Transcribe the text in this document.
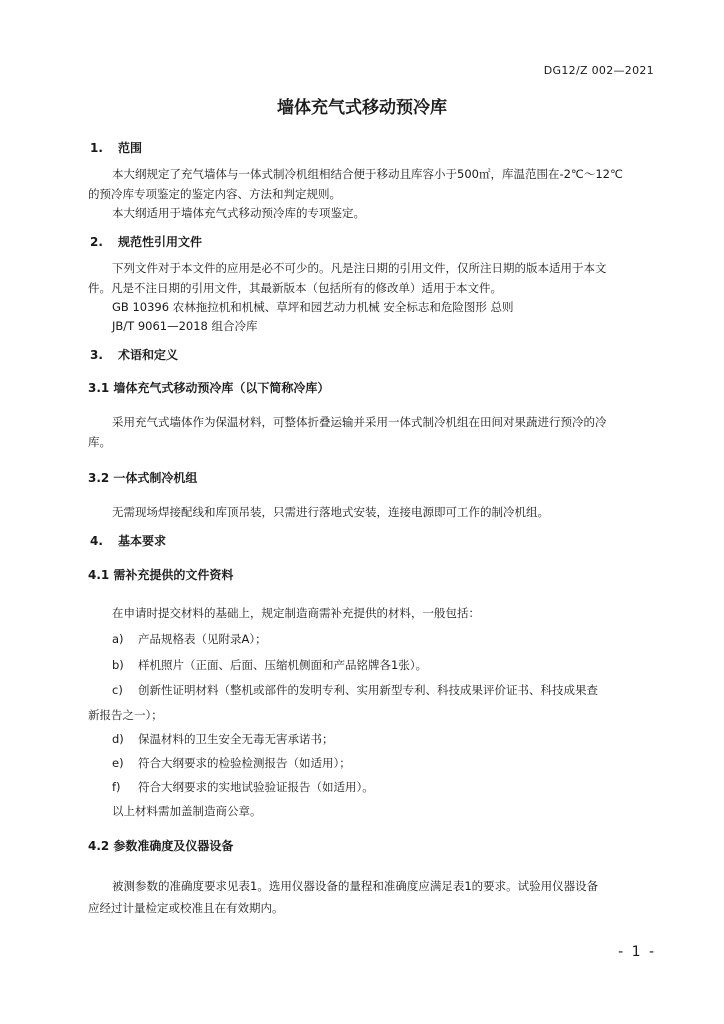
DG12/Z 002—2021
墙体充气式移动预冷库
1. 范围
本大纲规定了充气墙体与一体式制冷机组相结合便于移动且库容小于500㎡，库温范围在-2℃～12℃
的预冷库专项鉴定的鉴定内容、方法和判定规则。
本大纲适用于墙体充气式移动预冷库的专项鉴定。
2. 规范性引用文件
下列文件对于本文件的应用是必不可少的。凡是注日期的引用文件，仅所注日期的版本适用于本文
件。凡是不注日期的引用文件，其最新版本（包括所有的修改单）适用于本文件。
GB 10396 农林拖拉机和机械、草坪和园艺动力机械 安全标志和危险图形 总则
JB/T 9061—2018 组合冷库
3. 术语和定义
3.1 墙体充气式移动预冷库（以下简称冷库）
采用充气式墙体作为保温材料，可整体折叠运输并采用一体式制冷机组在田间对果蔬进行预冷的冷
库。
3.2 一体式制冷机组
无需现场焊接配线和库顶吊装，只需进行落地式安装，连接电源即可工作的制冷机组。
4. 基本要求
4.1 需补充提供的文件资料
在申请时提交材料的基础上，规定制造商需补充提供的材料，一般包括：
a) 产品规格表（见附录A）；
b) 样机照片（正面、后面、压缩机侧面和产品铭牌各1张）。
c) 创新性证明材料（整机或部件的发明专利、实用新型专利、科技成果评价证书、科技成果查
新报告之一）；
d) 保温材料的卫生安全无毒无害承诺书；
e) 符合大纲要求的检验检测报告（如适用）；
f) 符合大纲要求的实地试验验证报告（如适用）。
以上材料需加盖制造商公章。
4.2 参数准确度及仪器设备
被测参数的准确度要求见表1。选用仪器设备的量程和准确度应满足表1的要求。试验用仪器设备
应经过计量检定或校准且在有效期内。
- 1 -
